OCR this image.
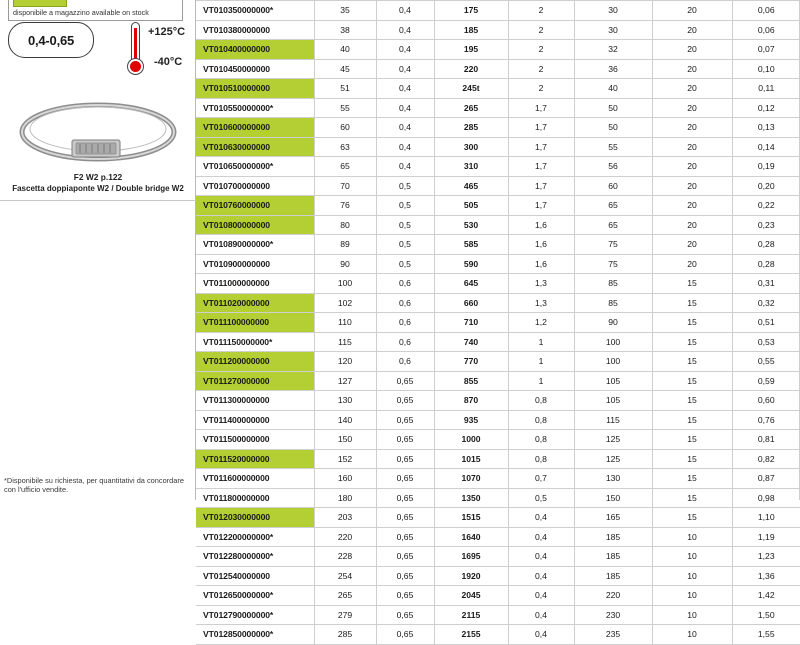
disponibile a magazzino available on stock
0,4-0,65
+125°C
-40°C
F2 W2 p.122
Fascetta doppiaponte W2 / Double bridge W2
*Disponibile su richiesta, per quantitativi da concordare con l'ufficio vendite.
VT010350000000*	35	0,4	175	2	30	20	0,06
VT010380000000	38	0,4	185	2	30	20	0,06
VT010400000000	40	0,4	195	2	32	20	0,07
VT010450000000	45	0,4	220	2	36	20	0,10
VT010510000000	51	0,4	245t	2	40	20	0,11
VT010550000000*	55	0,4	265	1,7	50	20	0,12
VT010600000000	60	0,4	285	1,7	50	20	0,13
VT010630000000	63	0,4	300	1,7	55	20	0,14
VT010650000000*	65	0,4	310	1,7	56	20	0,19
VT010700000000	70	0,5	465	1,7	60	20	0,20
VT010760000000	76	0,5	505	1,7	65	20	0,22
VT010800000000	80	0,5	530	1,6	65	20	0,23
VT010890000000*	89	0,5	585	1,6	75	20	0,28
VT010900000000	90	0,5	590	1,6	75	20	0,28
VT011000000000	100	0,6	645	1,3	85	15	0,31
VT011020000000	102	0,6	660	1,3	85	15	0,32
VT011100000000	110	0,6	710	1,2	90	15	0,51
VT011150000000*	115	0,6	740	1	100	15	0,53
VT011200000000	120	0,6	770	1	100	15	0,55
VT011270000000	127	0,65	855	1	105	15	0,59
VT011300000000	130	0,65	870	0,8	105	15	0,60
VT011400000000	140	0,65	935	0,8	115	15	0,76
VT011500000000	150	0,65	1000	0,8	125	15	0,81
VT011520000000	152	0,65	1015	0,8	125	15	0,82
VT011600000000	160	0,65	1070	0,7	130	15	0,87
VT011800000000	180	0,65	1350	0,5	150	15	0,98
VT012030000000	203	0,65	1515	0,4	165	15	1,10
VT012200000000*	220	0,65	1640	0,4	185	10	1,19
VT012280000000*	228	0,65	1695	0,4	185	10	1,23
VT012540000000	254	0,65	1920	0,4	185	10	1,36
VT012650000000*	265	0,65	2045	0,4	220	10	1,42
VT012790000000*	279	0,65	2115	0,4	230	10	1,50
VT012850000000*	285	0,65	2155	0,4	235	10	1,55
